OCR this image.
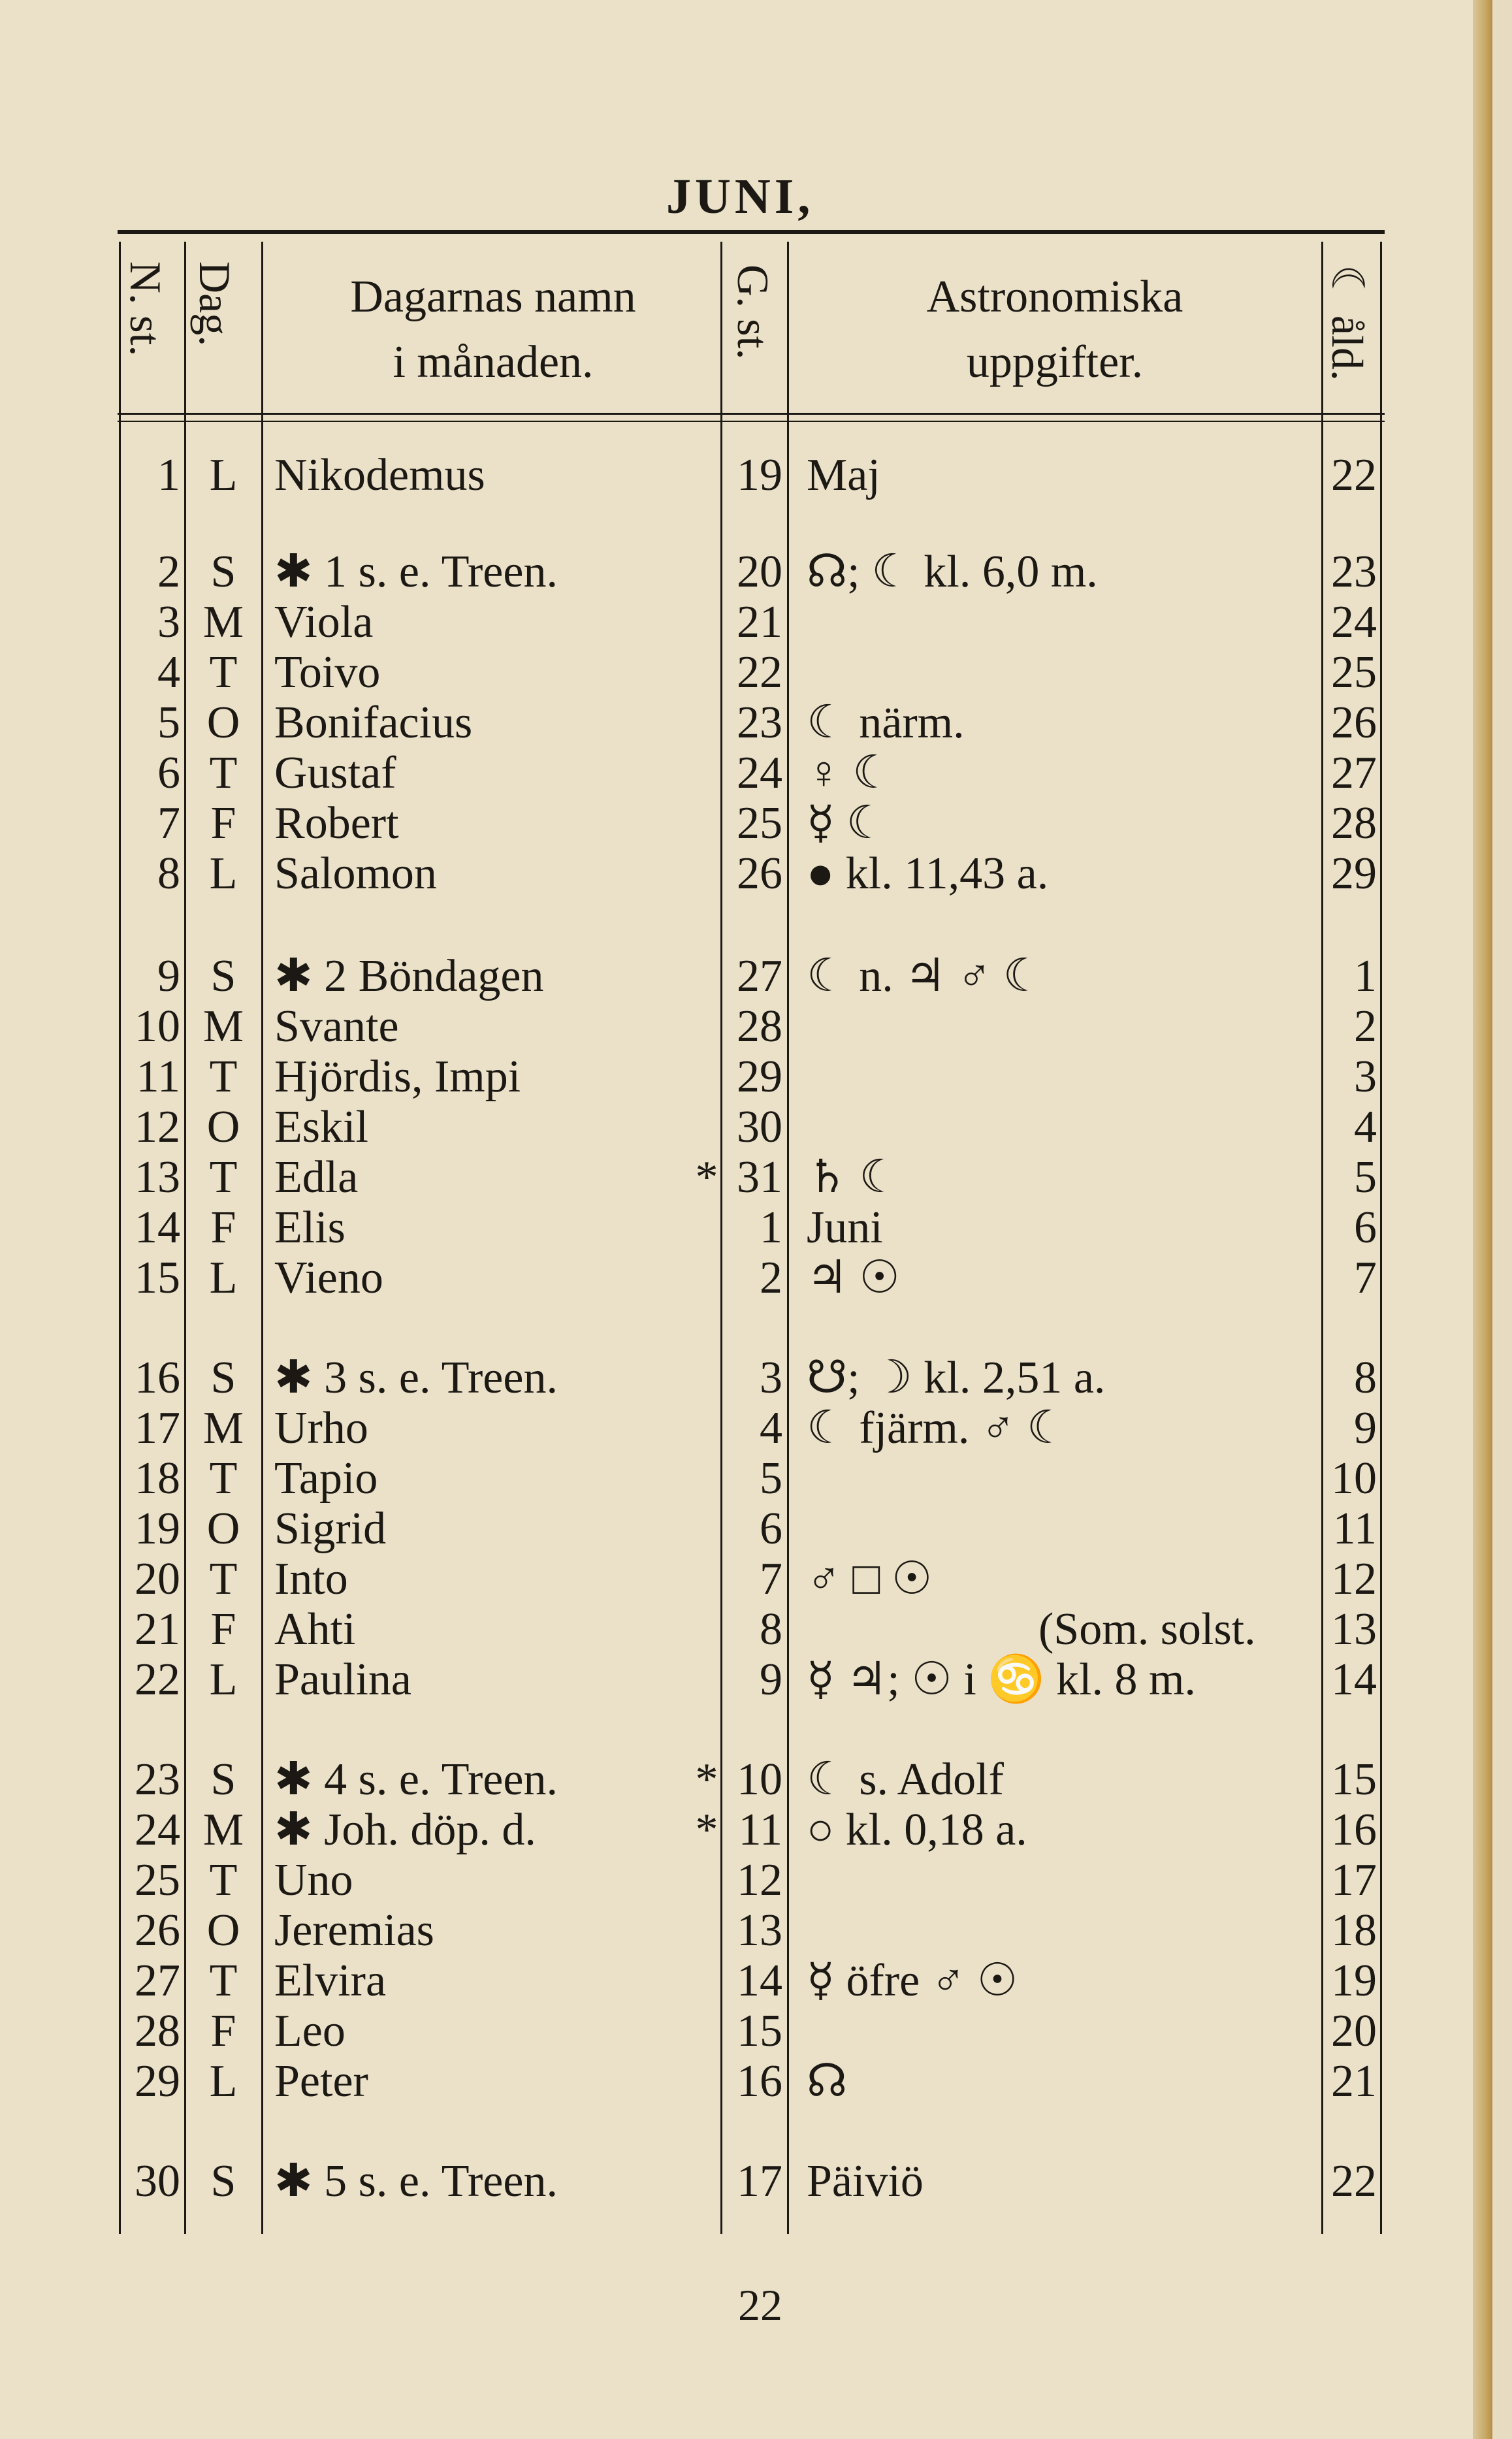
JUNI,
N. st. Dag.	Dagarnas namn
i månaden.
G. st.	Astronomiska
uppgifter.	☾ åld.
1 L Nikodemus	19 Maj	22
2 S ✱ 1 s. e. Treen.	20 ☊; ☾ kl. 6,0 m.	23
3 M Viola	21	24
4 T Toivo	22	25
5 O Bonifacius	23 ☾ närm.	26
6 T Gustaf	24 ♀ ☾	27
7 F Robert	25 ☿ ☾	28
8 L Salomon	26 ● kl. 11,43 a.	29
9 S ✱ 2 Böndagen	27 ☾ n. ♃ ♂ ☾	1
10 M Svante	28	2
11 T Hjördis, Impi	29	3
12 O Eskil	30	4
13 T Edla	* 31 ♄ ☾	5
14 F Elis	1 Juni	6
15 L Vieno	2 ♃ ☉	7
16 S ✱ 3 s. e. Treen.	3 ☋; ☽ kl. 2,51 a.	8
17 M Urho	4 ☾ fjärm. ♂ ☾	9
18 T Tapio	5	10
19 O Sigrid	6	11
20 T Into	7 ♂ □ ☉	12
21 F Ahti	8	(Som. solst.	13
22 L Paulina	9 ☿ ♃; ☉ i ♋ kl. 8 m.	14
23 S ✱ 4 s. e. Treen.	* 10 ☾ s. Adolf	15
24 M ✱ Joh. döp. d.	* 11 ○ kl. 0,18 a.	16
25 T Uno	12	17
26 O Jeremias	13	18
27 T Elvira	14 ☿ öfre ♂ ☉	19
28 F Leo	15	20
29 L Peter	16 ☊	21
30 S ✱ 5 s. e. Treen.	17 Päiviö	22
22
